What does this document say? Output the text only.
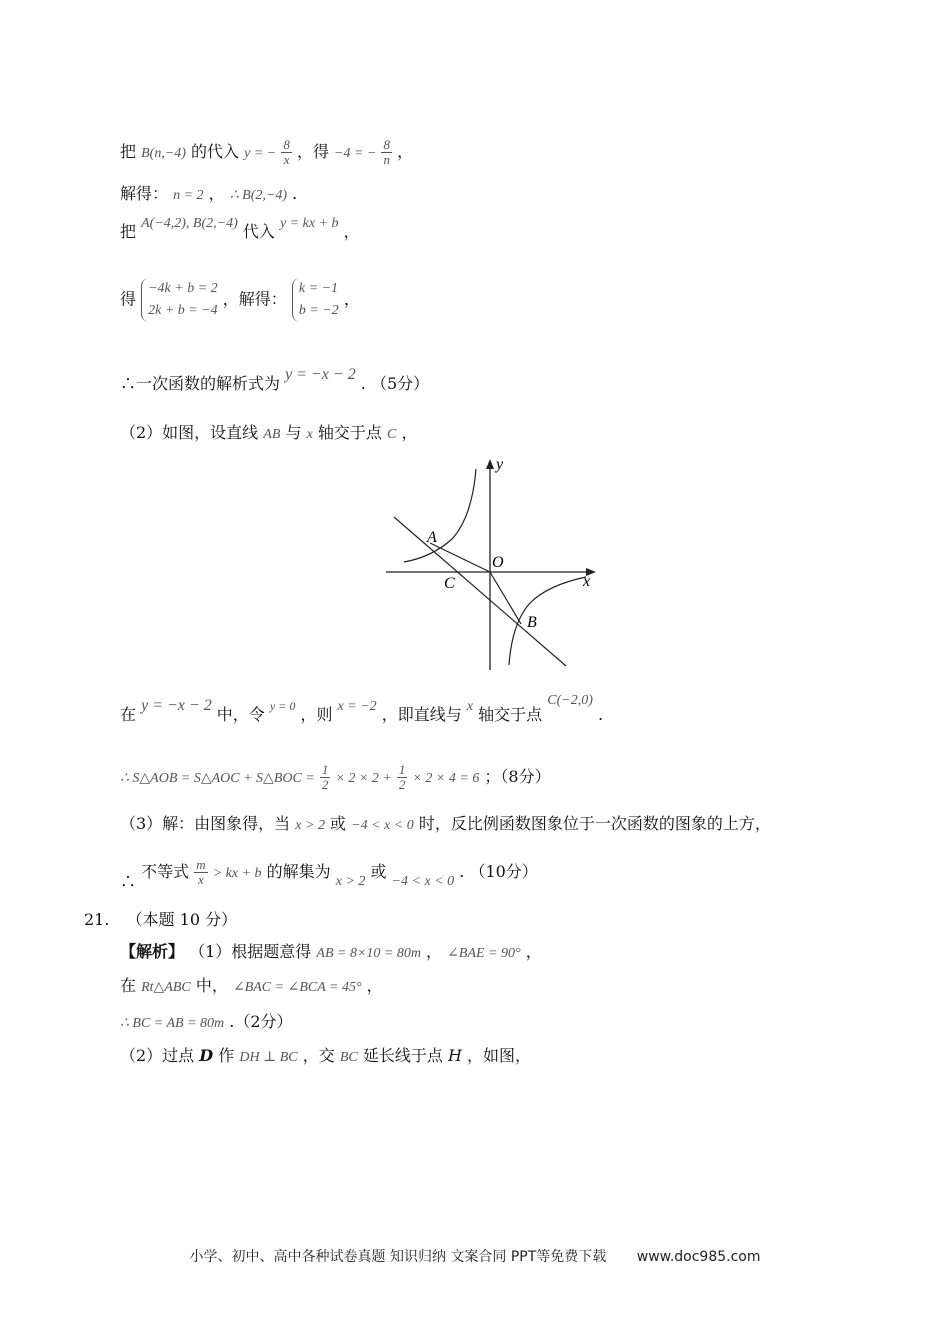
把 B(n,−4) 的代入 y = − $\frac{8}{x}$ ，得 −4 = − $\frac{8}{n}$ ，
解得： n = 2 ， ∴ B(2,−4) .
把 A(−4,2), B(2,−4) 代入 y = kx + b ，
得
−4k + b = 2
2k + b = −4
，解得：
k = −1
b = −2
，
∴一次函数的解析式为 y = −x − 2 . （5分）
（2）如图，设直线 AB 与 x 轴交于点 C ，
y
x
O
A
B
C
在 y = −x − 2 中，令 $^{y = 0}$ ，则 x = −2 ，即直线与 x 轴交于点 C(−2,0) .
∴ S△AOB = S△AOC + S△BOC = $\frac{1}{2} \times 2 \times 2 + \frac{1}{2} \times 2 \times 4 = 6$ ；（8分）
（3）解：由图象得，当 x > 2 或 −4 < x < 0 时，反比例函数图象位于一次函数的图象的上方，
∴ 不等式 $\frac{m}{x}$ > kx + b 的解集为 x > 2 或 −4 < x < 0 . （10分）
21. （本题 10 分）
【解析】 （1）根据题意得 AB = 8×10 = 80m ， ∠BAE = 90° ，
在 Rt△ABC 中， ∠BAC = ∠BCA = 45° ，
∴ BC = AB = 80m .（2分）
（2）过点 D 作 DH ⊥ BC ，交 BC 延长线于点 H ，如图，
小学、初中、高中各种试卷真题 知识归纳 文案合同 PPT等免费下载 www.doc985.com
